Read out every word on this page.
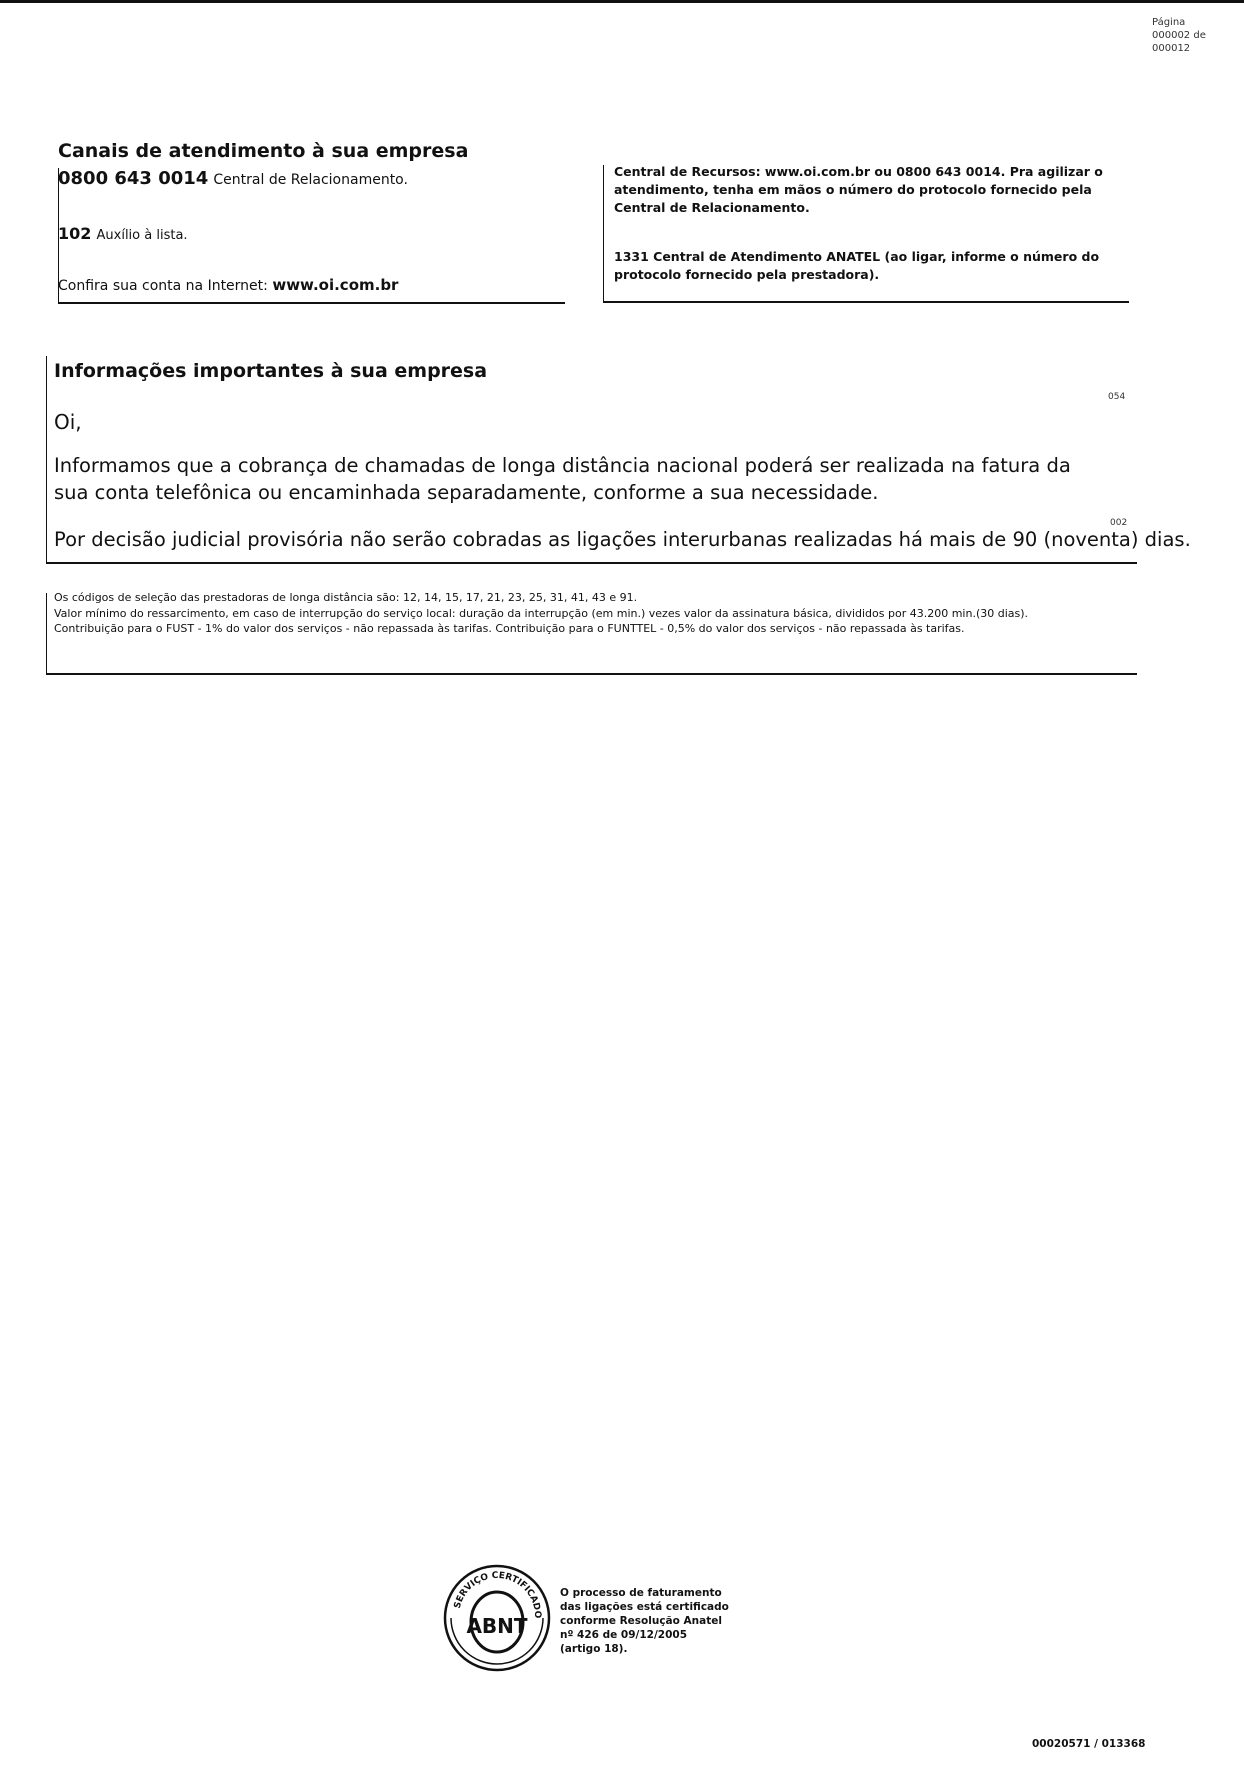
Página
000002 de
000012
Canais de atendimento à sua empresa
0800 643 0014 Central de Relacionamento.
102 Auxílio à lista.
Confira sua conta na Internet: www.oi.com.br
Central de Recursos: www.oi.com.br ou 0800 643 0014. Pra agilizar o atendimento, tenha em mãos o número do protocolo fornecido pela Central de Relacionamento.
1331 Central de Atendimento ANATEL (ao ligar, informe o número do protocolo fornecido pela prestadora).
Informações importantes à sua empresa
054
Oi,
Informamos que a cobrança de chamadas de longa distância nacional poderá ser realizada na fatura da sua conta telefônica ou encaminhada separadamente, conforme a sua necessidade.
002
Por decisão judicial provisória não serão cobradas as ligações interurbanas realizadas há mais de 90 (noventa) dias.
Os códigos de seleção das prestadoras de longa distância são: 12, 14, 15, 17, 21, 23, 25, 31, 41, 43 e 91.
Valor mínimo do ressarcimento, em caso de interrupção do serviço local: duração da interrupção (em min.) vezes valor da assinatura básica, divididos por 43.200 min.(30 dias).
Contribuição para o FUST - 1% do valor dos serviços - não repassada às tarifas. Contribuição para o FUNTTEL - 0,5% do valor dos serviços - não repassada às tarifas.
SERVIÇO CERTIFICADO
ABNT
O processo de faturamento
das ligações está certificado
conforme Resolução Anatel
nº 426 de 09/12/2005
(artigo 18).
00020571 / 013368
